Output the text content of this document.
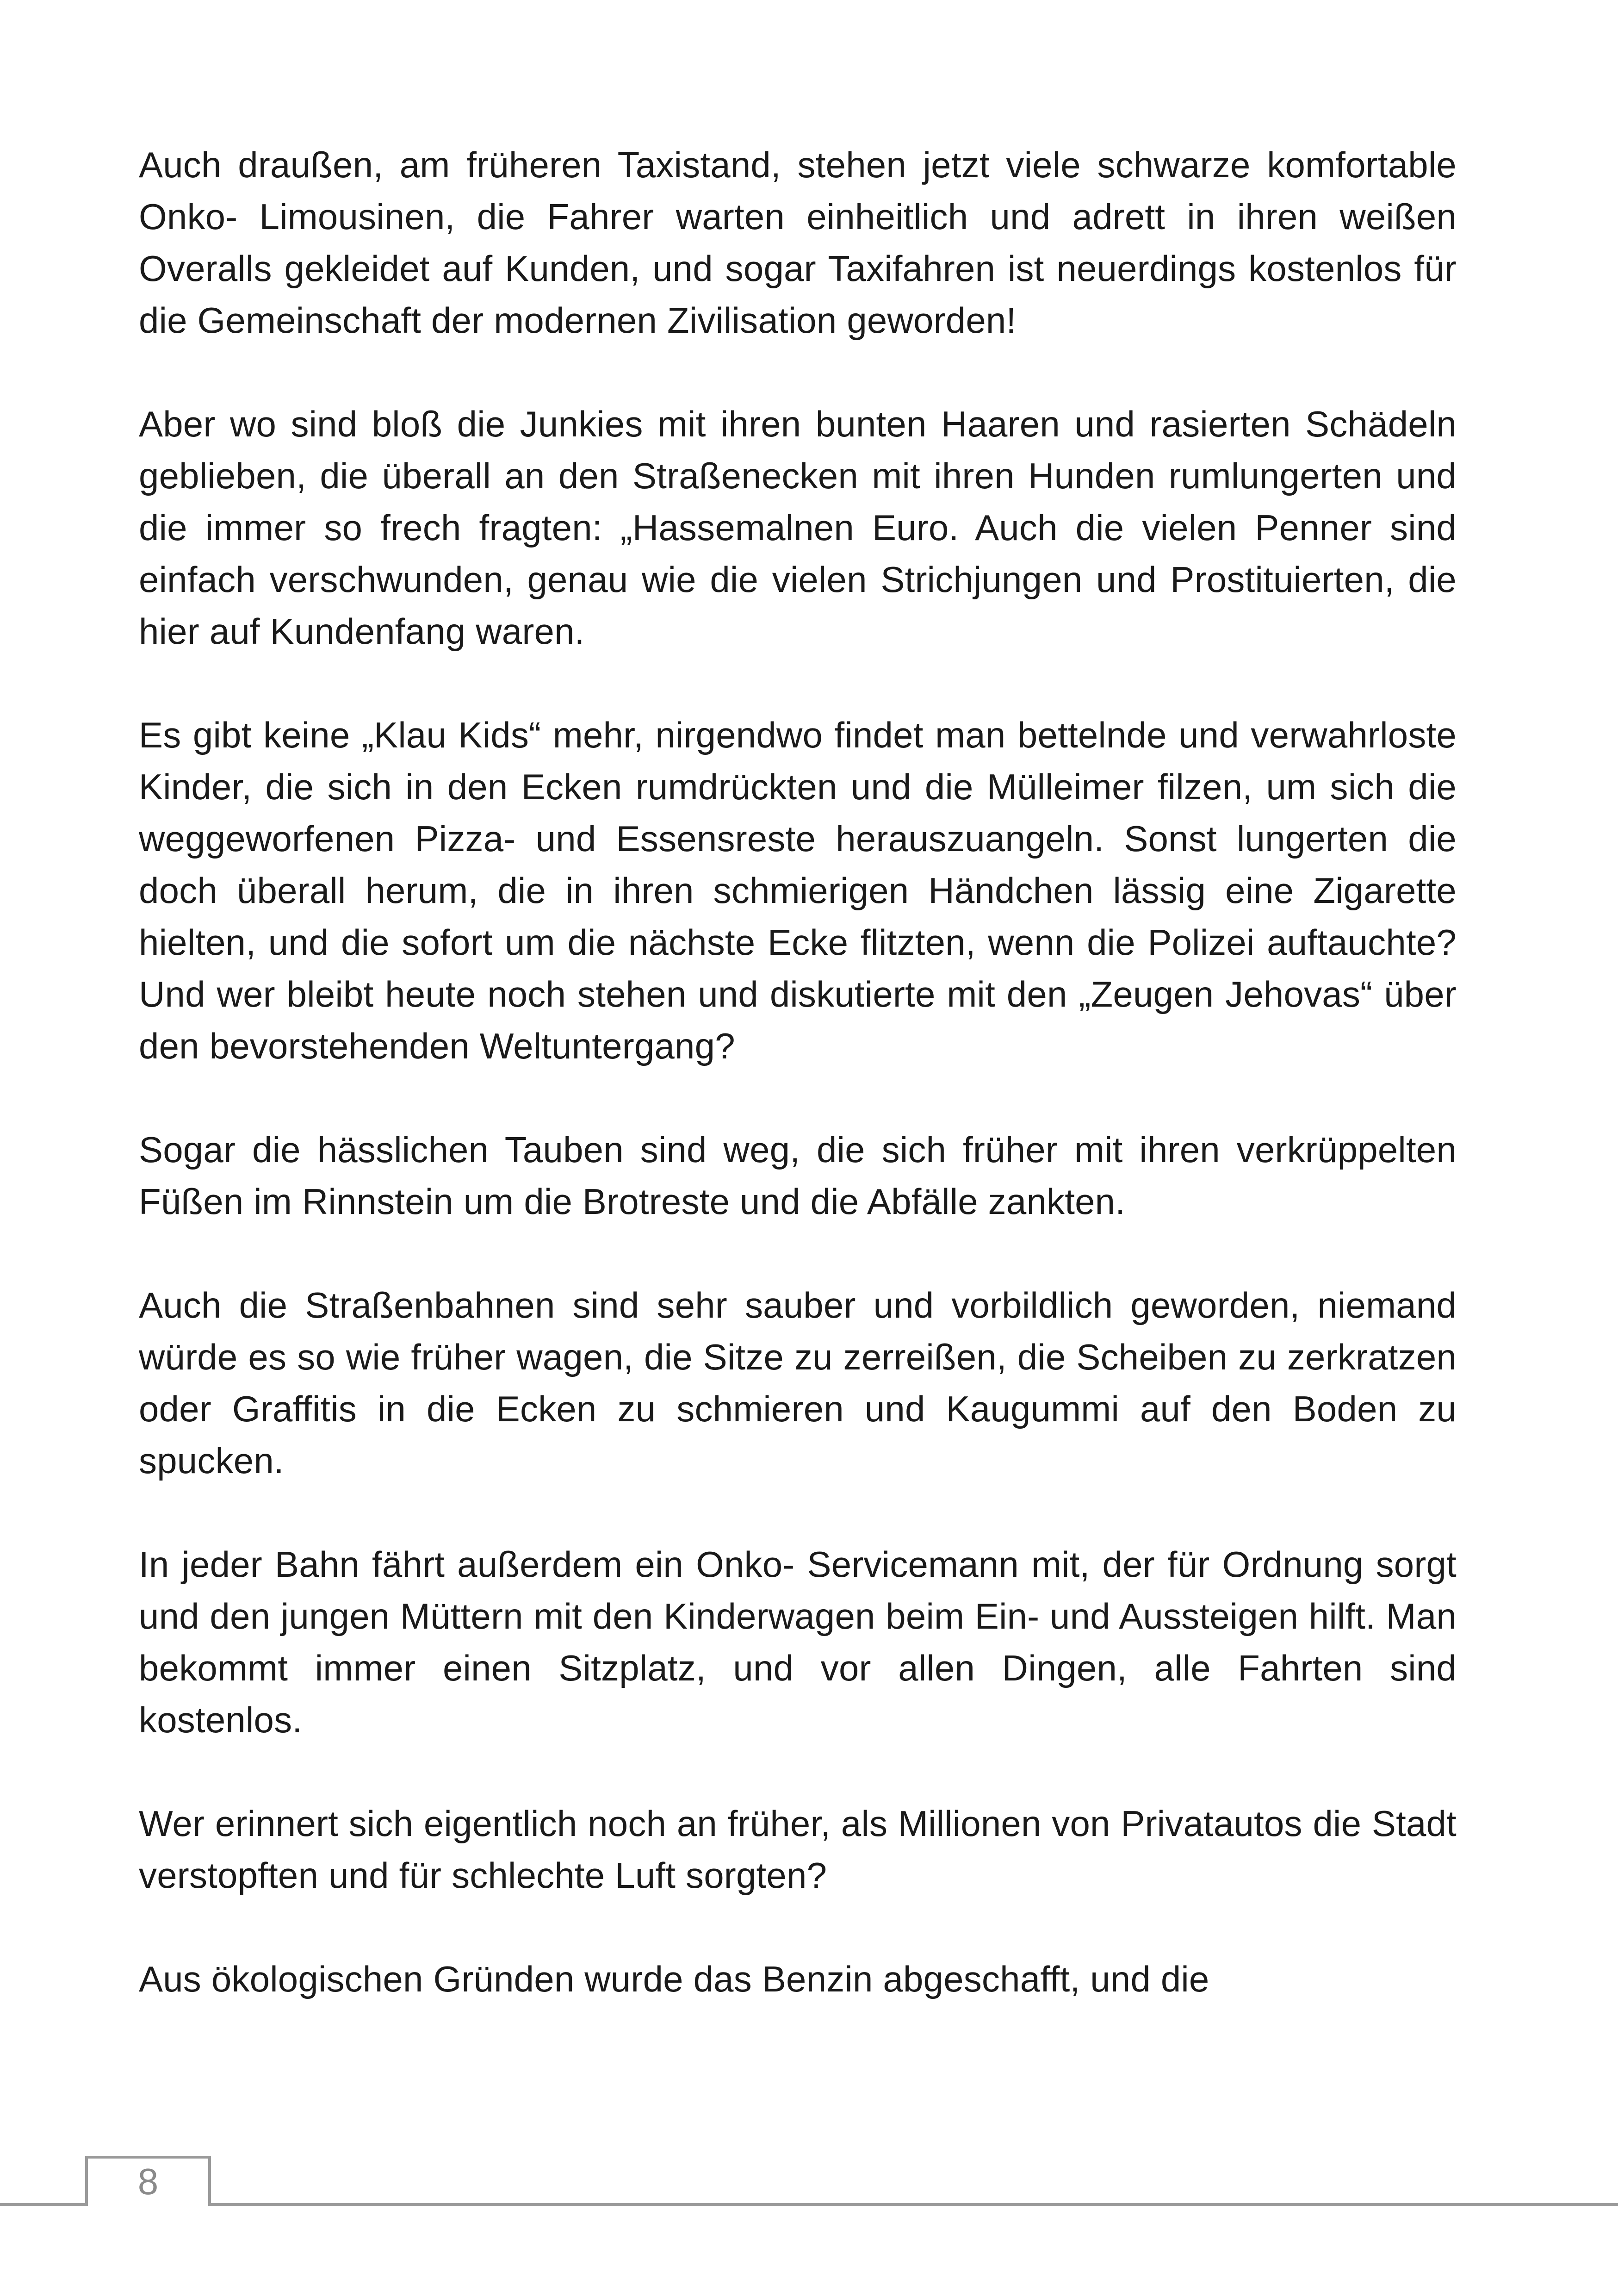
Auch draußen, am früheren Taxistand, stehen jetzt viele schwarze komfortable Onko- Limousinen, die Fahrer warten einheitlich und adrett in ihren weißen Overalls gekleidet auf Kunden, und sogar Taxifahren ist neuerdings kostenlos für die Gemeinschaft der modernen Zivilisation geworden!

Aber wo sind bloß die Junkies mit ihren bunten Haaren und rasierten Schädeln geblieben, die überall an den Straßenecken mit ihren Hunden rumlungerten und die immer so frech fragten: „Hassemalnen Euro. Auch die vielen Penner sind einfach verschwunden, genau wie die vielen Strichjungen und Prostituierten, die hier auf Kundenfang waren.

Es gibt keine „Klau Kids“ mehr, nirgendwo findet man bettelnde und verwahrloste Kinder, die sich in den Ecken rumdrückten und die Mülleimer filzen, um sich die weggeworfenen Pizza- und Essensreste herauszuangeln. Sonst lungerten die doch überall herum, die in ihren schmierigen Händchen lässig eine Zigarette hielten, und die sofort um die nächste Ecke flitzten, wenn die Polizei auftauchte? Und wer bleibt heute noch stehen und diskutierte mit den „Zeugen Jehovas“ über den bevorstehenden Weltuntergang?

Sogar die hässlichen Tauben sind weg, die sich früher mit ihren verkrüppelten Füßen im Rinnstein um die Brotreste und die Abfälle zankten.

Auch die Straßenbahnen sind sehr sauber und vorbildlich geworden, niemand würde es so wie früher wagen, die Sitze zu zerreißen, die Scheiben zu zerkratzen oder Graffitis in die Ecken zu schmieren und Kaugummi auf den Boden zu spucken.

In jeder Bahn fährt außerdem ein Onko- Servicemann mit, der für Ordnung sorgt und den jungen Müttern mit den Kinderwagen beim Ein- und Aussteigen hilft. Man bekommt immer einen Sitzplatz, und vor allen Dingen, alle Fahrten sind kostenlos.

Wer erinnert sich eigentlich noch an früher, als Millionen von Privatautos die Stadt verstopften und für schlechte Luft sorgten?

Aus ökologischen Gründen wurde das Benzin abgeschafft, und die

8
